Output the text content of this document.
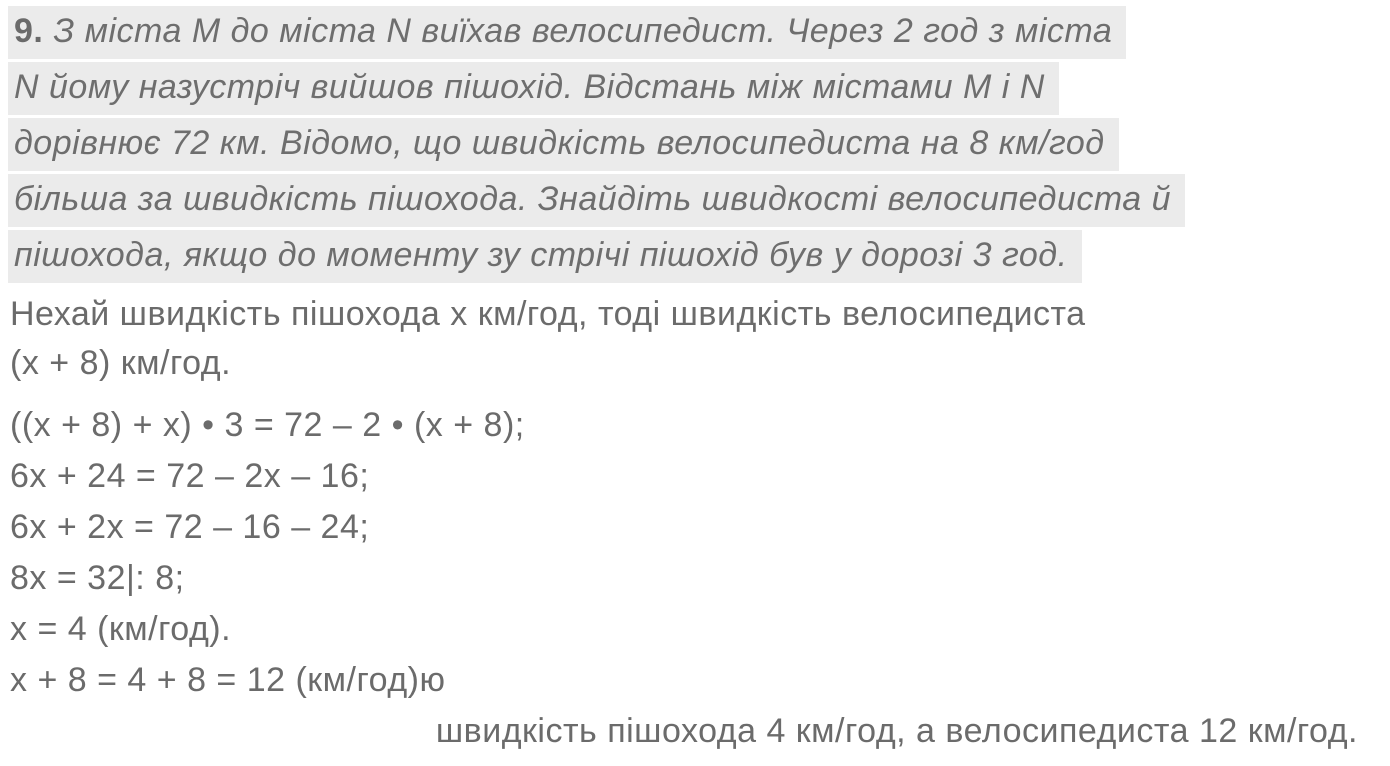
9. З міста М до міста N виїхав велосипедист. Через 2 год з міста
N йому назустріч вийшов пішохід. Відстань між містами М і N
дорівнює 72 км. Відомо, що швидкість велосипедиста на 8 км/год
більша за швидкість пішохода. Знайдіть швидкості велосипедиста й
пішохода, якщо до моменту зу стрічі пішохід був у дорозі 3 год.
Нехай швидкість пішохода х км/год, тоді швидкість велосипедиста
(х + 8) км/год.
((х + 8) + х) • 3 = 72 – 2 • (х + 8);
6х + 24 = 72 – 2х – 16;
6х + 2х = 72 – 16 – 24;
8х = 32|: 8;
х = 4 (км/год).
х + 8 = 4 + 8 = 12 (км/год)ю
швидкість пішохода 4 км/год, а велосипедиста 12 км/год.
